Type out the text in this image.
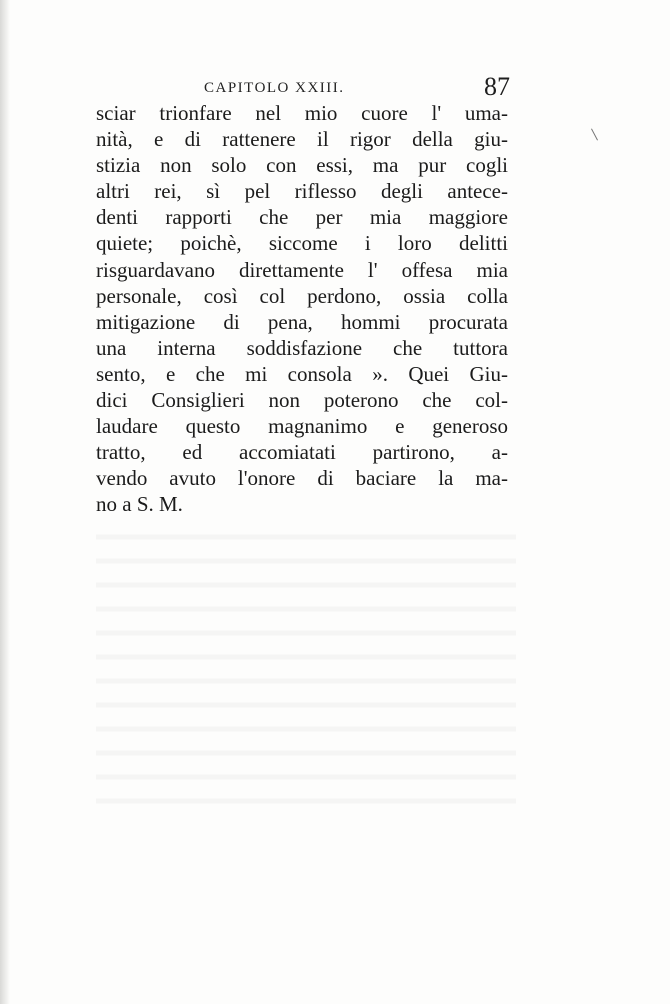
CAPITOLO XXIII.	87
sciar trionfare nel mio cuore l' uma-
nità, e di rattenere il rigor della giu-
stizia non solo con essi, ma pur cogli
altri rei, sì pel riflesso degli antece-
denti rapporti che per mia maggiore
quiete; poichè, siccome i loro delitti
risguardavano direttamente l' offesa mia
personale, così col perdono, ossia colla
mitigazione di pena, hommi procurata
una interna soddisfazione che tuttora
sento, e che mi consola ». Quei Giu-
dici Consiglieri non poterono che col-
laudare questo magnanimo e generoso
tratto, ed accomiatati partirono, a-
vendo avuto l'onore di baciare la ma-
no a S. M.
